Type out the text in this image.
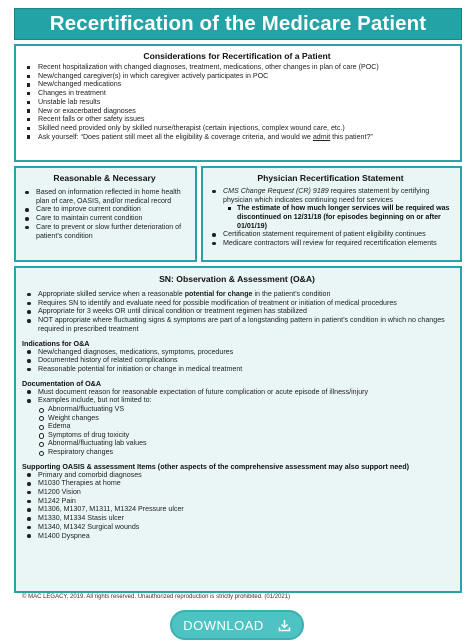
Recertification of the Medicare Patient
Considerations for Recertification of a Patient
Recent hospitalization with changed diagnoses, treatment, medications, other changes in plan of care (POC)
New/changed caregiver(s) in which caregiver actively participates in POC
New/changed medications
Changes in treatment
Unstable lab results
New or exacerbated diagnoses
Recent falls or other safety issues
Skilled need provided only by skilled nurse/therapist (certain injections, complex wound care, etc.)
Ask yourself: “Does patient still meet all the eligibility & coverage criteria, and would we admit this patient?”
Reasonable & Necessary
Based on information reflected in home health plan of care, OASIS, and/or medical record
Care to improve current condition
Care to maintain current condition
Care to prevent or slow further deterioration of patient’s condition
Physician Recertification Statement
CMS Change Request (CR) 9189 requires statement by certifying physician which indicates continuing need for services
The estimate of how much longer services will be required was discontinued on 12/31/18 (for episodes beginning on or after 01/01/19)
Certification statement requirement of patient eligibility continues
Medicare contractors will review for required recertification elements
SN: Observation & Assessment (O&A)
Appropriate skilled service when a reasonable potential for change in the patient’s condition
Requires SN to identify and evaluate need for possible modification of treatment or initiation of medical procedures
Appropriate for 3 weeks OR until clinical condition or treatment regimen has stabilized
NOT appropriate where fluctuating signs & symptoms are part of a longstanding pattern in patient’s condition in which no changes required in prescribed treatment
Indications for O&A
New/changed diagnoses, medications, symptoms, procedures
Documented history of related complications
Reasonable potential for initiation or change in medical treatment
Documentation of O&A
Must document reason for reasonable expectation of future complication or acute episode of illness/injury
Examples include, but not limited to:
Abnormal/fluctuating VS
Weight changes
Edema
Symptoms of drug toxicity
Abnormal/fluctuating lab values
Respiratory changes
Supporting OASIS & assessment Items (other aspects of the comprehensive assessment may also support need)
Primary and comorbid diagnoses
M1030 Therapies at home
M1200 Vision
M1242 Pain
M1306, M1307, M1311, M1324 Pressure ulcer
M1330, M1334 Stasis ulcer
M1340, M1342 Surgical wounds
M1400 Dyspnea
© MAC LEGACY, 2019. All rights reserved. Unauthorized reproduction is strictly prohibited. (01/2021)
DOWNLOAD
